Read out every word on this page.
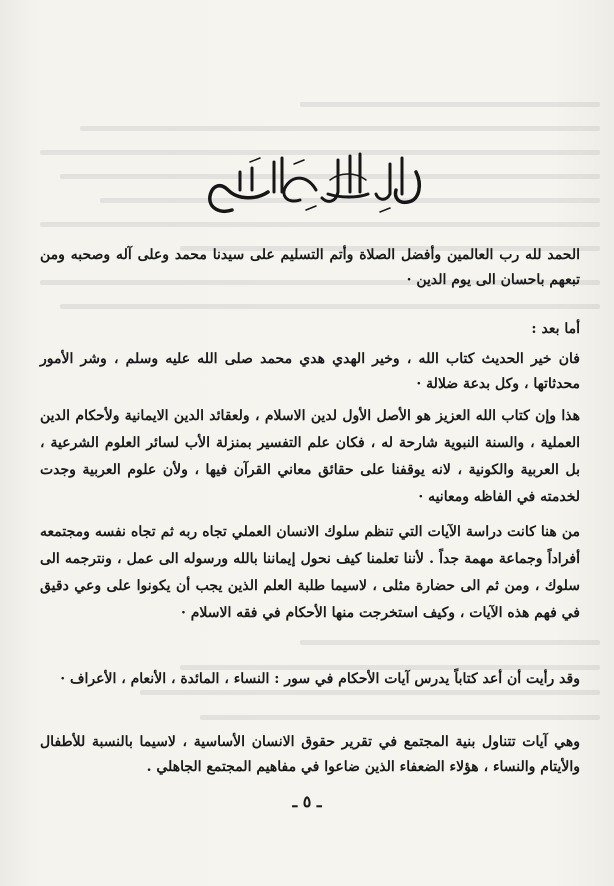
الحمد لله رب العالمين وأفضل الصلاة وأتم التسليم على سيدنا محمد وعلى آله وصحبه ومن تبعهم باحسان الى يوم الدين ·

أما بعد :

فان خير الحديث كتاب الله ، وخير الهدي هدي محمد صلى الله عليه وسلم ، وشر الأمور محدثاتها ، وكل بدعة ضلالة ·

هذا وإن كتاب الله العزيز هو الأصل الأول لدين الاسلام ، ولعقائد الدين الايمانية ولأحكام الدين العملية ، والسنة النبوية شارحة له ، فكان علم التفسير بمنزلة الأب لسائر العلوم الشرعية ، بل العربية والكونية ، لانه يوقفنا على حقائق معاني القرآن فيها ، ولأن علوم العربية وجدت لخدمته في الفاظه ومعانيه ·

من هنا كانت دراسة الآيات التي تنظم سلوك الانسان العملي تجاه ربه ثم تجاه نفسه ومجتمعه أفراداً وجماعة مهمة جداً . لأننا تعلمنا كيف نحول إيماننا بالله ورسوله الى عمل ، ونترجمه الى سلوك ، ومن ثم الى حضارة مثلى ، لاسيما طلبة العلم الذين يجب أن يكونوا على وعي دقيق في فهم هذه الآيات ، وكيف استخرجت منها الأحكام في فقه الاسلام ·

وقد رأيت أن أعد كتاباً يدرس آيات الأحكام في سور : النساء ، المائدة ، الأنعام ، الأعراف ·

وهي آيات تتناول بنية المجتمع في تقرير حقوق الانسان الأساسية ، لاسيما بالنسبة للأطفال والأيتام والنساء ، هؤلاء الضعفاء الذين ضاعوا في مفاهيم المجتمع الجاهلي .

ـ ٥ ـ
